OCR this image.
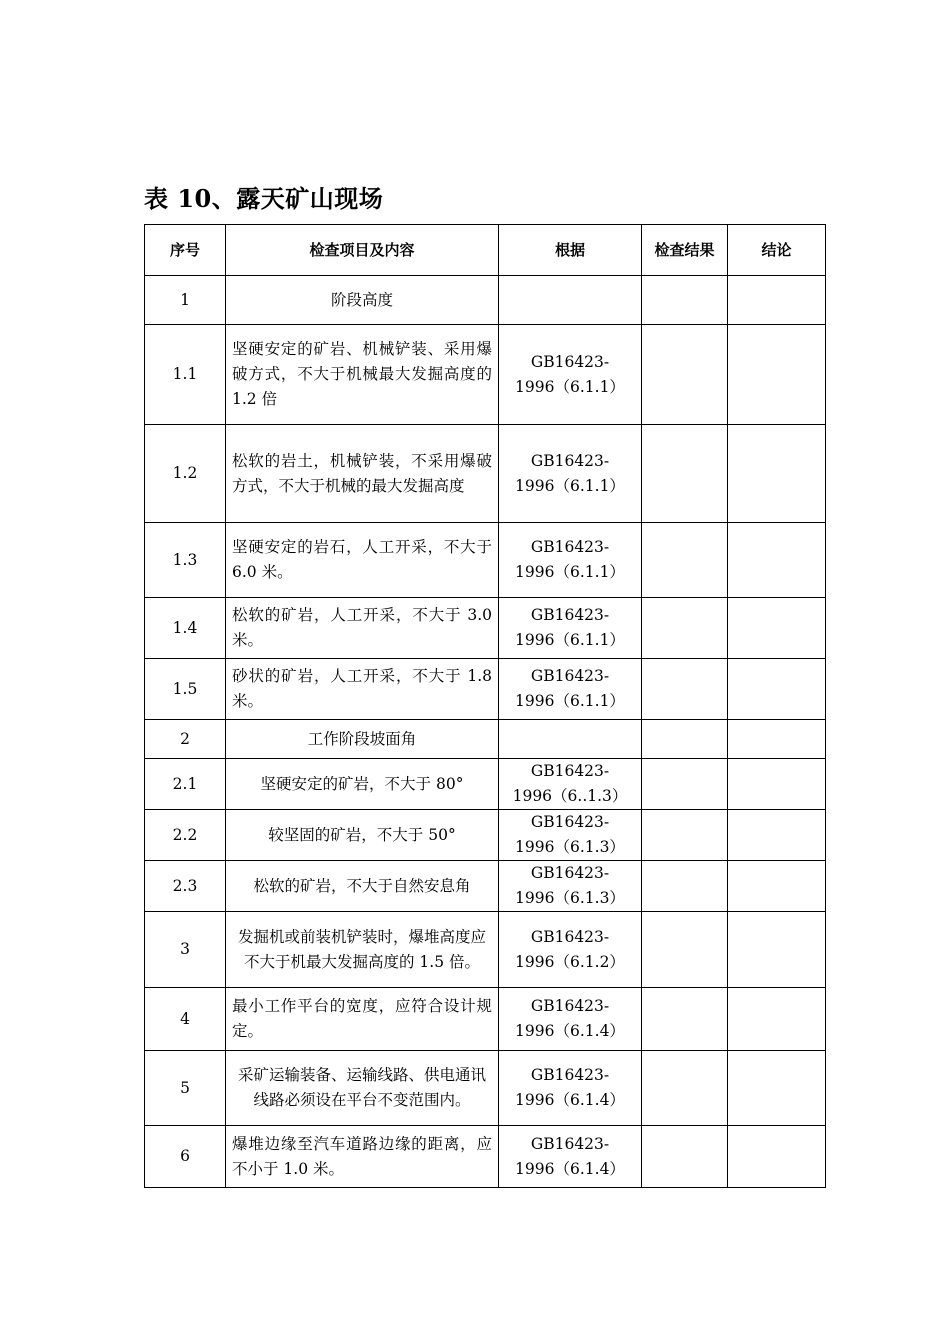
表 10、露天矿山现场
序号	检查项目及内容	根据	检查结果	结论
1	阶段高度	

1.1	坚硬安定的矿岩、机械铲装、采用爆破方式，不大于机械最大发掘高度的 1.2 倍	GB16423-
1996（6.1.1）		

1.2	松软的岩土，机械铲装，不采用爆破方式，不大于机械的最大发掘高度	GB16423-
1996（6.1.1）		

1.3	坚硬安定的岩石，人工开采，不大于 6.0 米。	GB16423-
1996（6.1.1）		

1.4	松软的矿岩，人工开采，不大于 3.0 米。	GB16423-
1996（6.1.1）		

1.5	砂状的矿岩，人工开采，不大于 1.8 米。	GB16423-
1996（6.1.1）		

2	工作阶段坡面角	

2.1	坚硬安定的矿岩，不大于 80°	GB16423-
1996（6..1.3）		

2.2	较坚固的矿岩，不大于 50°	GB16423-
1996（6.1.3）		

2.3	松软的矿岩，不大于自然安息角	GB16423-
1996（6.1.3）		

3	发掘机或前装机铲装时，爆堆高度应不大于机最大发掘高度的 1.5 倍。	GB16423-
1996（6.1.2）		

4	最小工作平台的宽度，应符合设计规定。	GB16423-
1996（6.1.4）		

5	采矿运输装备、运输线路、供电通讯线路必须设在平台不变范围内。	GB16423-
1996（6.1.4）		

6	爆堆边缘至汽车道路边缘的距离，应不小于 1.0 米。	GB16423-
1996（6.1.4）		
